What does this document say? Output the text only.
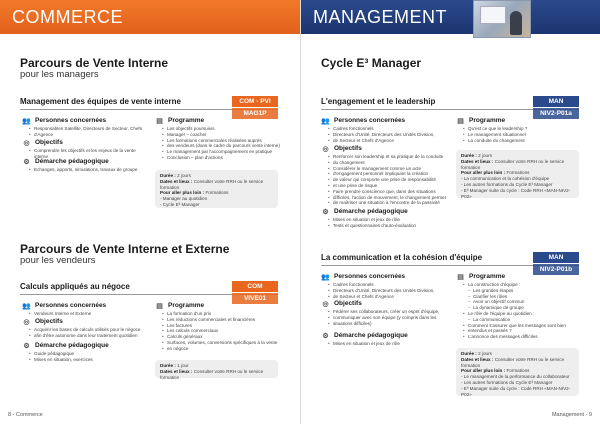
COMMERCE
Parcours de Vente Interne
pour les managers
Management des équipes de vente interne	COM - PVI
MAG1P
👥 Personnes concernées
• Responsables Satellite, Directeurs de Secteur, Chefs
• d'Agence
◎ Objectifs
• Comprendre les objectifs et les enjeux de la vente interne
⚙ Démarche pédagogique
• Echanges, apports, simulations, travaux de groupe
▤ Programme
• Les objectifs poursuivis
• Manager – coacher
• Les formations commerciales réalisées auprès
• des vendeurs (dans le cadre du parcours vente interne)
• Le management par l'accompagnement en pratique
• Conclusion – plan d'actions

Durée : 2 jours

Dates et lieux : Consulter votre RRH ou le service formation

Pour aller plus loin : Formations

- Manager au quotidien

- Cycle E³ Manager

Parcours de Vente Interne et Externe
pour les vendeurs
Calculs appliqués au négoce	COM
VIVE01
👥 Personnes concernées
• Vendeurs Interne et Externe
◎ Objectifs
• Acquérir les bases de calculs utilisés pour le négoce
• afin d'être autonome dans leur traitement quotidien
⚙ Démarche pédagogique
• Guide pédagogique
• Mises en situation, exercices
▤ Programme
• La formation d'un prix
• Les réductions commerciales et financières
• Les factures
• Les calculs commerciaux
• Calculs généraux
• Surfaces, volumes, conversions spécifiques à la vente
• en négoce

Durée : 1 jour

Dates et lieux : Consulter votre RRH ou le service formation

8 - Commerce
MANAGEMENT
Cycle E³ Manager
L'engagement et le leadership	MAN
NIV2-P01a
👥 Personnes concernées
• Cadres fonctionnels
• Directeurs d'Unité, Directeurs des Unités Division,
• de Secteur et Chefs d'Agence
◎ Objectifs
• Renforcer son leadership et sa pratique de la conduite
• du changement
• Considérer le management comme un acte
• d'engagement personnel impliquant la création
• de valeur qui comporte une prise de responsabilité
• et une prise de risque
• Faire prendre conscience que, dans des situations
• difficiles, l'action de mouvement, le changement permet
• de maîtriser une situation à l'encontre de la passivité
⚙ Démarche pédagogique
• Mises en situation et jeux de rôle
• Tests et questionnaires d'auto-évaluation
▤ Programme
• Qu'est ce que le leadership ?
• Le management situationnel
• La conduite du changement

Durée : 2 jours

Dates et lieux : Consulter votre RRH ou le service formation

Pour aller plus loin : Formations

- La communication et la cohésion d'équipe

- Les autres formations du Cycle E³ Manager

- E³ Manager suite du cycle : Code RRH «MAN-NIV2-P02»

La communication et la cohésion d'équipe	MAN
NIV2-P01b
👥 Personnes concernées
• Cadres fonctionnels
• Directeurs d'Unité, Directeurs des Unités Division,
• de Secteur et Chefs d'Agence
◎ Objectifs
• Fédérer ses collaborateurs, créer un esprit d'équipe,
• communiquer avec son équipe (y compris dans les
• situations difficiles)
⚙ Démarche pédagogique
• Mises en situation et jeux de rôle
▤ Programme
• La construction d'équipe :
– Les grandes étapes
– Clarifier les rôles
– Avoir un objectif commun
– La dynamique de groupe
• Le rôle de l'équipe au quotidien :
– La communication
• Comment s'assurer que les messages sont bien
• entendus et passés ?
• L'annonce des messages difficiles

Durée : 2 jours

Dates et lieux : Consulter votre RRH ou le service formation

Pour aller plus loin : Formations

- Le management de la performance du collaborateur

- Les autres formations du Cycle E³ Manager

- E³ Manager suite du cycle : Code RRH «MAN-NIV2-P02»

Management - 9
